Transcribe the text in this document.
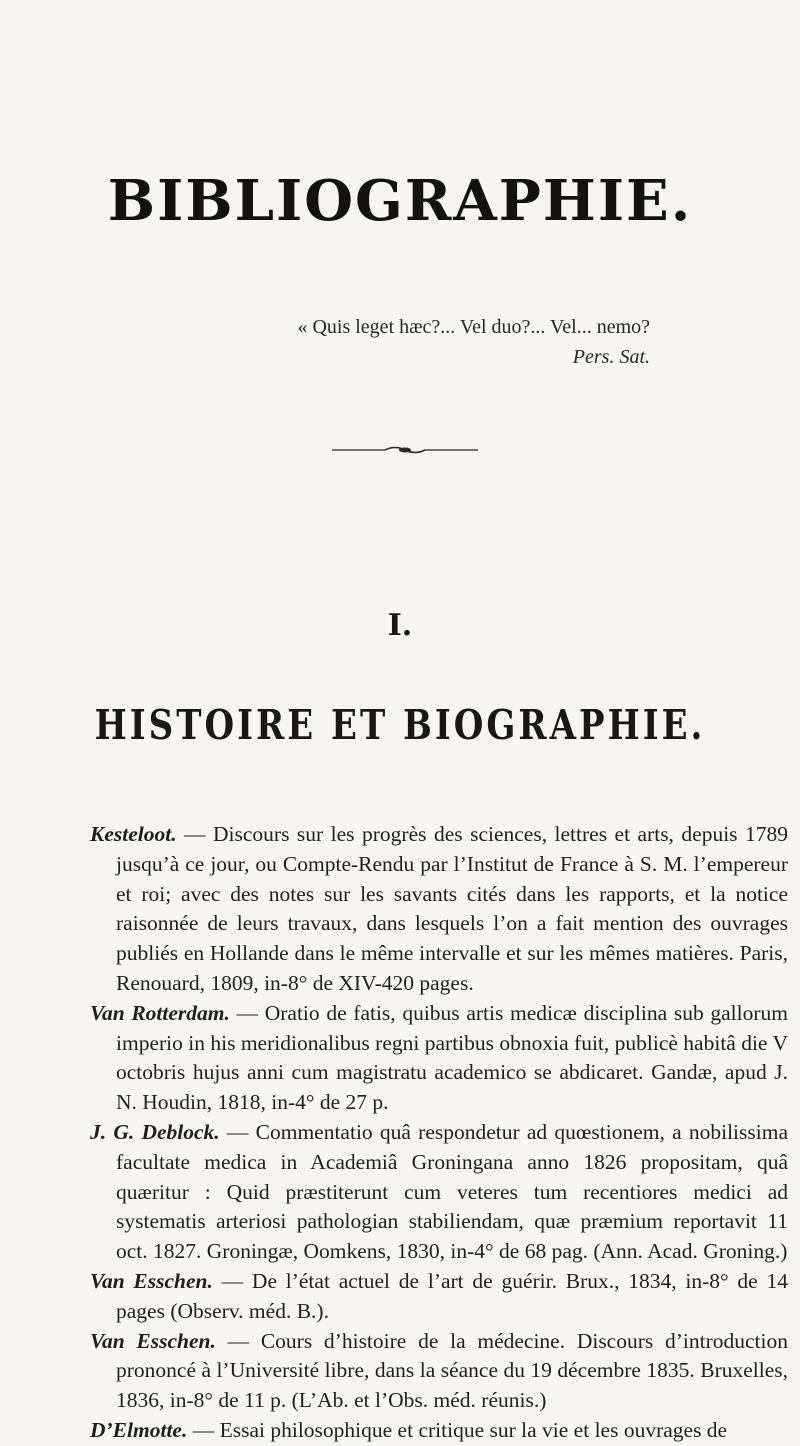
BIBLIOGRAPHIE.
« Quis leget hæc?... Vel duo?... Vel... nemo?
Pers. Sat.
I.
HISTOIRE ET BIOGRAPHIE.

Kesteloot. — Discours sur les progrès des sciences, lettres et arts, depuis 1789 jusqu’à ce jour, ou Compte-Rendu par l’Institut de France à S. M. l’empereur et roi; avec des notes sur les savants cités dans les rapports, et la notice raisonnée de leurs travaux, dans lesquels l’on a fait mention des ouvrages publiés en Hollande dans le même intervalle et sur les mêmes matières. Paris, Renouard, 1809, in-8° de XIV-420 pages.

Van Rotterdam. — Oratio de fatis, quibus artis medicæ disciplina sub gallorum imperio in his meridionalibus regni partibus obnoxia fuit, publicè habitâ die V octobris hujus anni cum magistratu academico se abdicaret. Gandæ, apud J. N. Houdin, 1818, in-4° de 27 p.

J. G. Deblock. — Commentatio quâ respondetur ad quœstionem, a nobilissima facultate medica in Academiâ Groningana anno 1826 propositam, quâ quæritur : Quid præstiterunt cum veteres tum recentiores medici ad systematis arteriosi pathologian stabiliendam, quæ præmium reportavit 11 oct. 1827. Groningæ, Oomkens, 1830, in-4° de 68 pag. (Ann. Acad. Groning.)

Van Esschen. — De l’état actuel de l’art de guérir. Brux., 1834, in-8° de 14 pages (Observ. méd. B.).

Van Esschen. — Cours d’histoire de la médecine. Discours d’introduction prononcé à l’Université libre, dans la séance du 19 décembre 1835. Bruxelles, 1836, in-8° de 11 p. (L’Ab. et l’Obs. méd. réunis.)

D’Elmotte. — Essai philosophique et critique sur la vie et les ouvrages de
